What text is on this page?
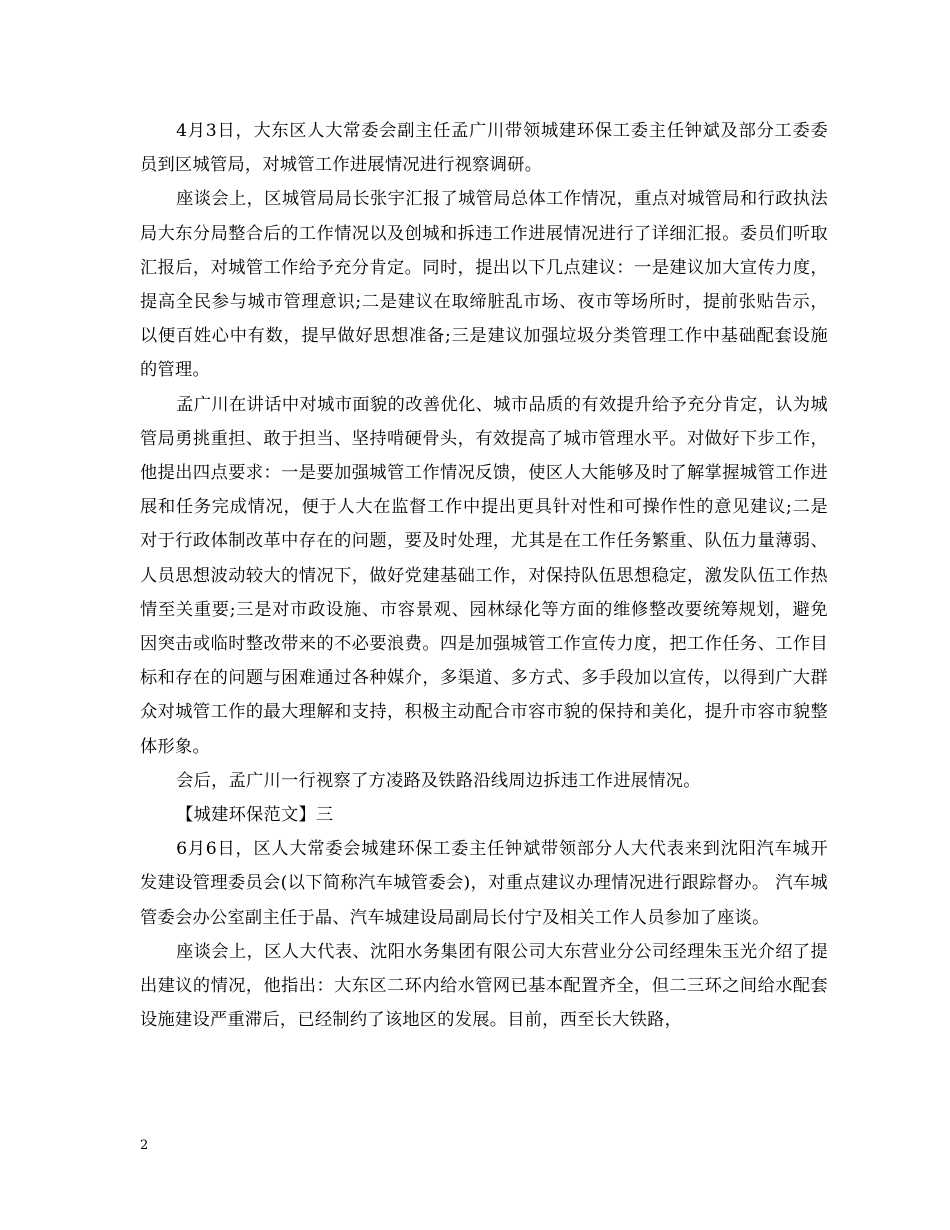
4月3日，大东区人大常委会副主任孟广川带领城建环保工委主任钟斌及部分工委委员到区城管局，对城管工作进展情况进行视察调研。

座谈会上，区城管局局长张宇汇报了城管局总体工作情况，重点对城管局和行政执法局大东分局整合后的工作情况以及创城和拆违工作进展情况进行了详细汇报。委员们听取汇报后，对城管工作给予充分肯定。同时，提出以下几点建议：一是建议加大宣传力度，提高全民参与城市管理意识;二是建议在取缔脏乱市场、夜市等场所时，提前张贴告示，以便百姓心中有数，提早做好思想准备;三是建议加强垃圾分类管理工作中基础配套设施的管理。

孟广川在讲话中对城市面貌的改善优化、城市品质的有效提升给予充分肯定，认为城管局勇挑重担、敢于担当、坚持啃硬骨头，有效提高了城市管理水平。对做好下步工作，他提出四点要求：一是要加强城管工作情况反馈，使区人大能够及时了解掌握城管工作进展和任务完成情况，便于人大在监督工作中提出更具针对性和可操作性的意见建议;二是对于行政体制改革中存在的问题，要及时处理，尤其是在工作任务繁重、队伍力量薄弱、人员思想波动较大的情况下，做好党建基础工作，对保持队伍思想稳定，激发队伍工作热情至关重要;三是对市政设施、市容景观、园林绿化等方面的维修整改要统筹规划，避免因突击或临时整改带来的不必要浪费。四是加强城管工作宣传力度，把工作任务、工作目标和存在的问题与困难通过各种媒介，多渠道、多方式、多手段加以宣传，以得到广大群众对城管工作的最大理解和支持，积极主动配合市容市貌的保持和美化，提升市容市貌整体形象。

会后，孟广川一行视察了方凌路及铁路沿线周边拆违工作进展情况。

【城建环保范文】三

6月6日，区人大常委会城建环保工委主任钟斌带领部分人大代表来到沈阳汽车城开发建设管理委员会(以下简称汽车城管委会)，对重点建议办理情况进行跟踪督办。 汽车城管委会办公室副主任于晶、汽车城建设局副局长付宁及相关工作人员参加了座谈。

座谈会上，区人大代表、沈阳水务集团有限公司大东营业分公司经理朱玉光介绍了提出建议的情况，他指出：大东区二环内给水管网已基本配置齐全，但二三环之间给水配套设施建设严重滞后，已经制约了该地区的发展。目前，西至长大铁路，

2
